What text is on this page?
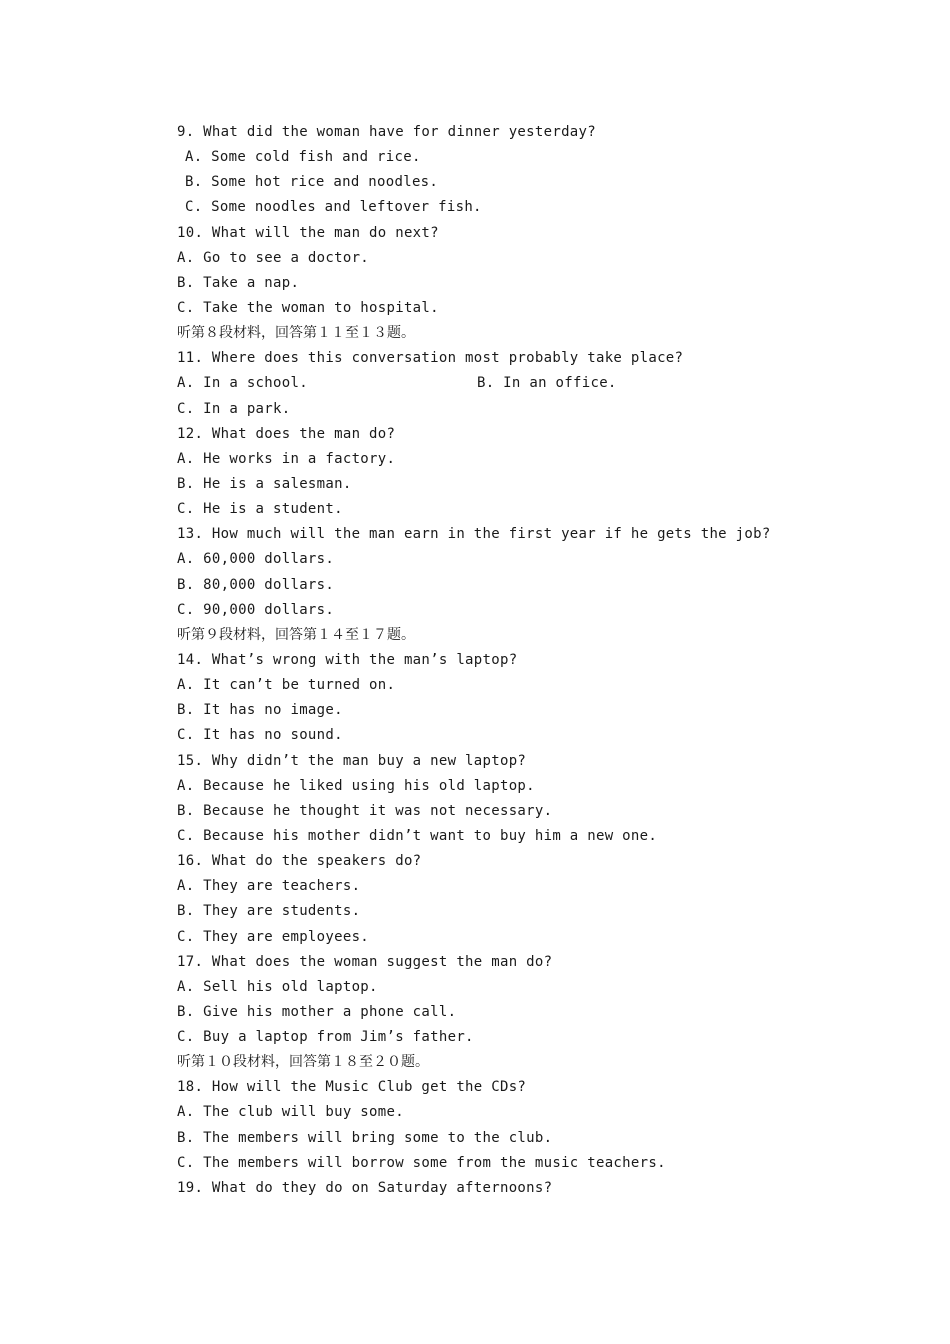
9. What did the woman have for dinner yesterday?
A. Some cold fish and rice.
B. Some hot rice and noodles.
C. Some noodles and leftover fish.
10. What will the man do next?
A. Go to see a doctor.
B. Take a nap.
C. Take the woman to hospital.
听第８段材料，回答第１１至１３题。
11. Where does this conversation most probably take place?
A. In a school.	B. In an office.
C. In a park.
12. What does the man do?
A. He works in a factory.
B. He is a salesman.
C. He is a student.
13. How much will the man earn in the first year if he gets the job?
A. 60,000 dollars.
B. 80,000 dollars.
C. 90,000 dollars.
听第９段材料，回答第１４至１７题。
14. What’s wrong with the man’s laptop?
A. It can’t be turned on.
B. It has no image.
C. It has no sound.
15. Why didn’t the man buy a new laptop?
A. Because he liked using his old laptop.
B. Because he thought it was not necessary.
C. Because his mother didn’t want to buy him a new one.
16. What do the speakers do?
A. They are teachers.
B. They are students.
C. They are employees.
17. What does the woman suggest the man do?
A. Sell his old laptop.
B. Give his mother a phone call.
C. Buy a laptop from Jim’s father.
听第１０段材料，回答第１８至２０题。
18. How will the Music Club get the CDs?
A. The club will buy some.
B. The members will bring some to the club.
C. The members will borrow some from the music teachers.
19. What do they do on Saturday afternoons?
